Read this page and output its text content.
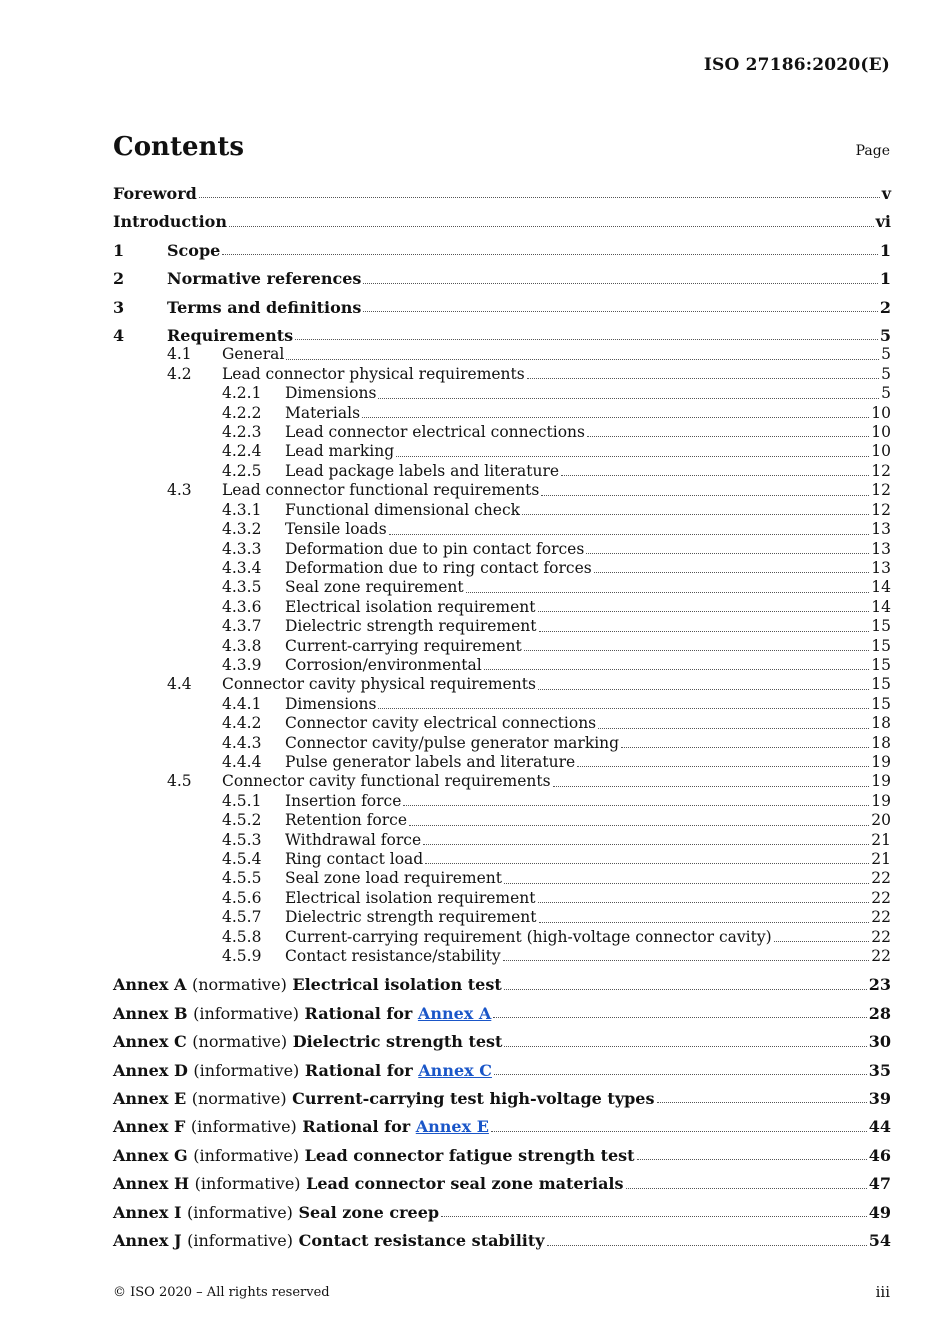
ISO 27186:2020(E)
Contents	Page
Foreword	v
Introduction	vi
1	Scope	1
2	Normative references	1
3	Terms and definitions	2
4	Requirements	5
4.1	General	5
4.2	Lead connector physical requirements	5
4.2.1	Dimensions	5
4.2.2	Materials	10
4.2.3	Lead connector electrical connections	10
4.2.4	Lead marking	10
4.2.5	Lead package labels and literature	12
4.3	Lead connector functional requirements	12
4.3.1	Functional dimensional check	12
4.3.2	Tensile loads	13
4.3.3	Deformation due to pin contact forces	13
4.3.4	Deformation due to ring contact forces	13
4.3.5	Seal zone requirement	14
4.3.6	Electrical isolation requirement	14
4.3.7	Dielectric strength requirement	15
4.3.8	Current-carrying requirement	15
4.3.9	Corrosion/environmental	15
4.4	Connector cavity physical requirements	15
4.4.1	Dimensions	15
4.4.2	Connector cavity electrical connections	18
4.4.3	Connector cavity/pulse generator marking	18
4.4.4	Pulse generator labels and literature	19
4.5	Connector cavity functional requirements	19
4.5.1	Insertion force	19
4.5.2	Retention force	20
4.5.3	Withdrawal force	21
4.5.4	Ring contact load	21
4.5.5	Seal zone load requirement	22
4.5.6	Electrical isolation requirement	22
4.5.7	Dielectric strength requirement	22
4.5.8	Current-carrying requirement (high-voltage connector cavity)	22
4.5.9	Contact resistance/stability	22
Annex A (normative) Electrical isolation test	23
Annex B (informative) Rational for Annex A	28
Annex C (normative) Dielectric strength test	30
Annex D (informative) Rational for Annex C	35
Annex E (normative) Current-carrying test high-voltage types	39
Annex F (informative) Rational for Annex E	44
Annex G (informative) Lead connector fatigue strength test	46
Annex H (informative) Lead connector seal zone materials	47
Annex I (informative) Seal zone creep	49
Annex J (informative) Contact resistance stability	54
© ISO 2020 – All rights reserved	iii
